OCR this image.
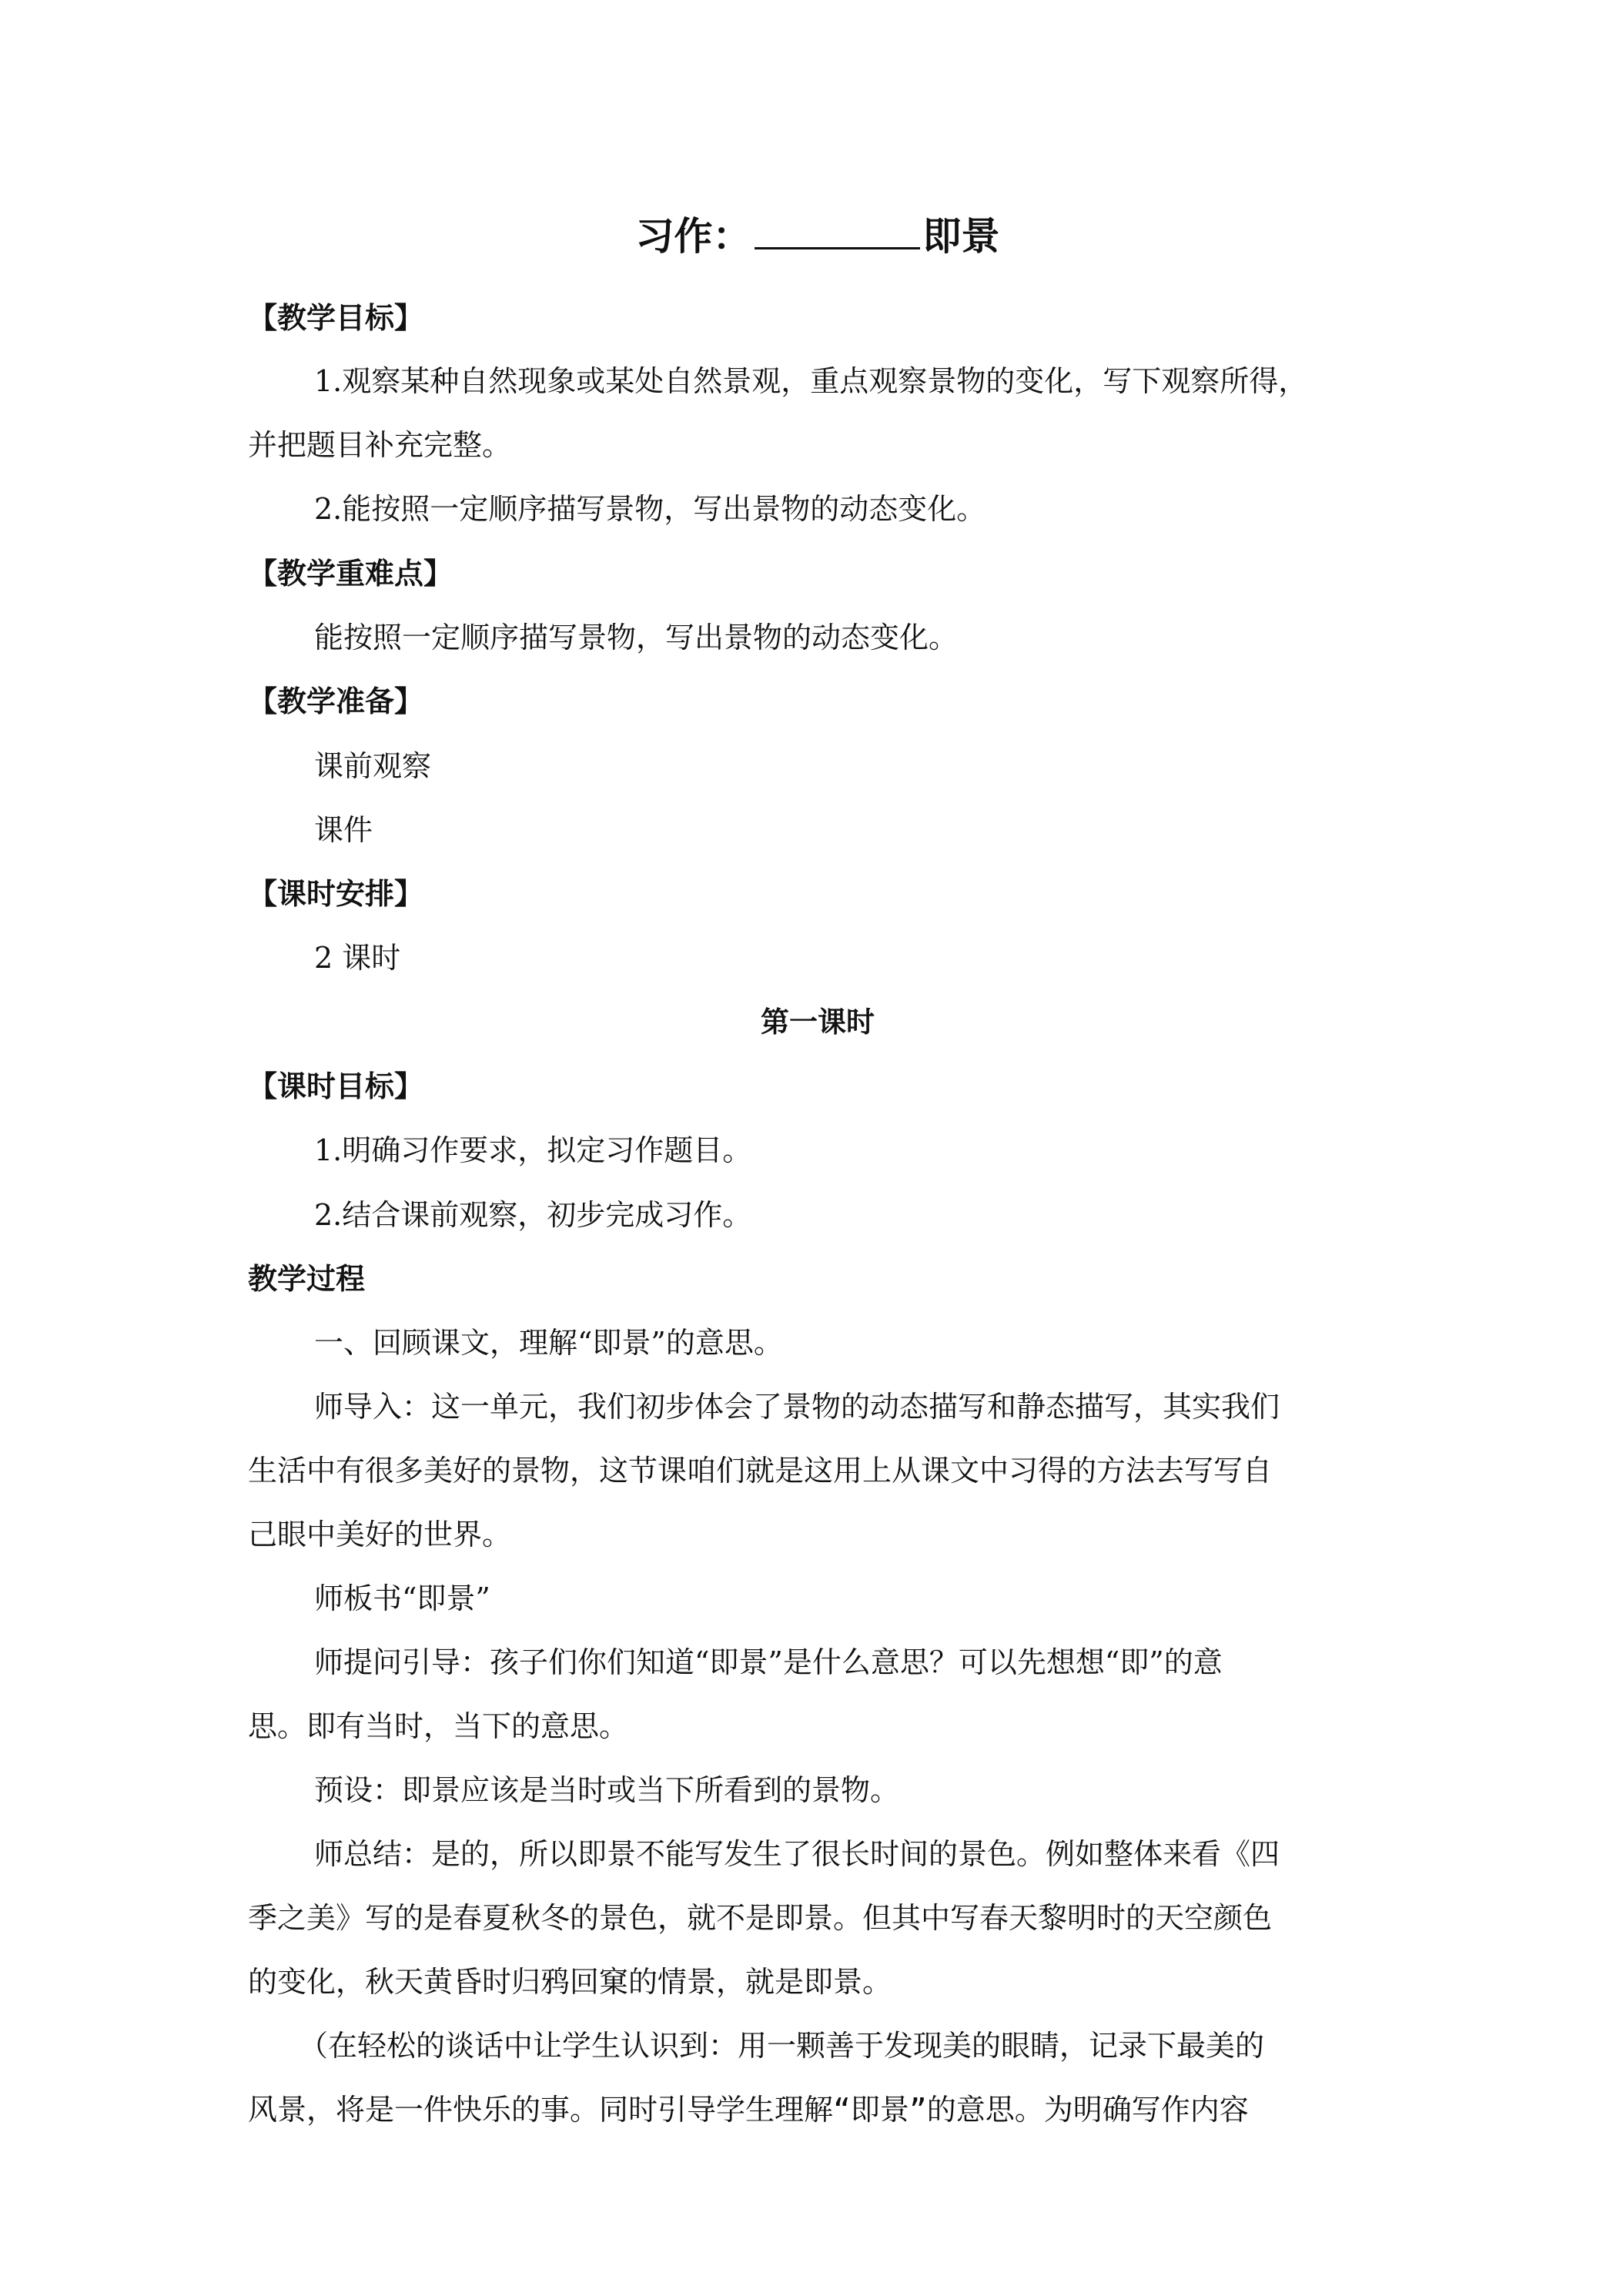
习作：	即景
【教学目标】
1.观察某种自然现象或某处自然景观，重点观察景物的变化，写下观察所得，
并把题目补充完整。
2.能按照一定顺序描写景物，写出景物的动态变化。
【教学重难点】
能按照一定顺序描写景物，写出景物的动态变化。
【教学准备】
课前观察
课件
【课时安排】
2 课时
第一课时
【课时目标】
1.明确习作要求，拟定习作题目。
2.结合课前观察，初步完成习作。
教学过程
一、回顾课文，理解“即景”的意思。
师导入：这一单元，我们初步体会了景物的动态描写和静态描写，其实我们
生活中有很多美好的景物，这节课咱们就是这用上从课文中习得的方法去写写自
己眼中美好的世界。
师板书“即景”
师提问引导：孩子们你们知道“即景”是什么意思？可以先想想“即”的意
思。即有当时，当下的意思。
预设：即景应该是当时或当下所看到的景物。
师总结：是的，所以即景不能写发生了很长时间的景色。例如整体来看《四
季之美》写的是春夏秋冬的景色，就不是即景。但其中写春天黎明时的天空颜色
的变化，秋天黄昏时归鸦回窠的情景，就是即景。
（在轻松的谈话中让学生认识到：用一颗善于发现美的眼睛，记录下最美的
风景，将是一件快乐的事。同时引导学生理解“即景”的意思。为明确写作内容
